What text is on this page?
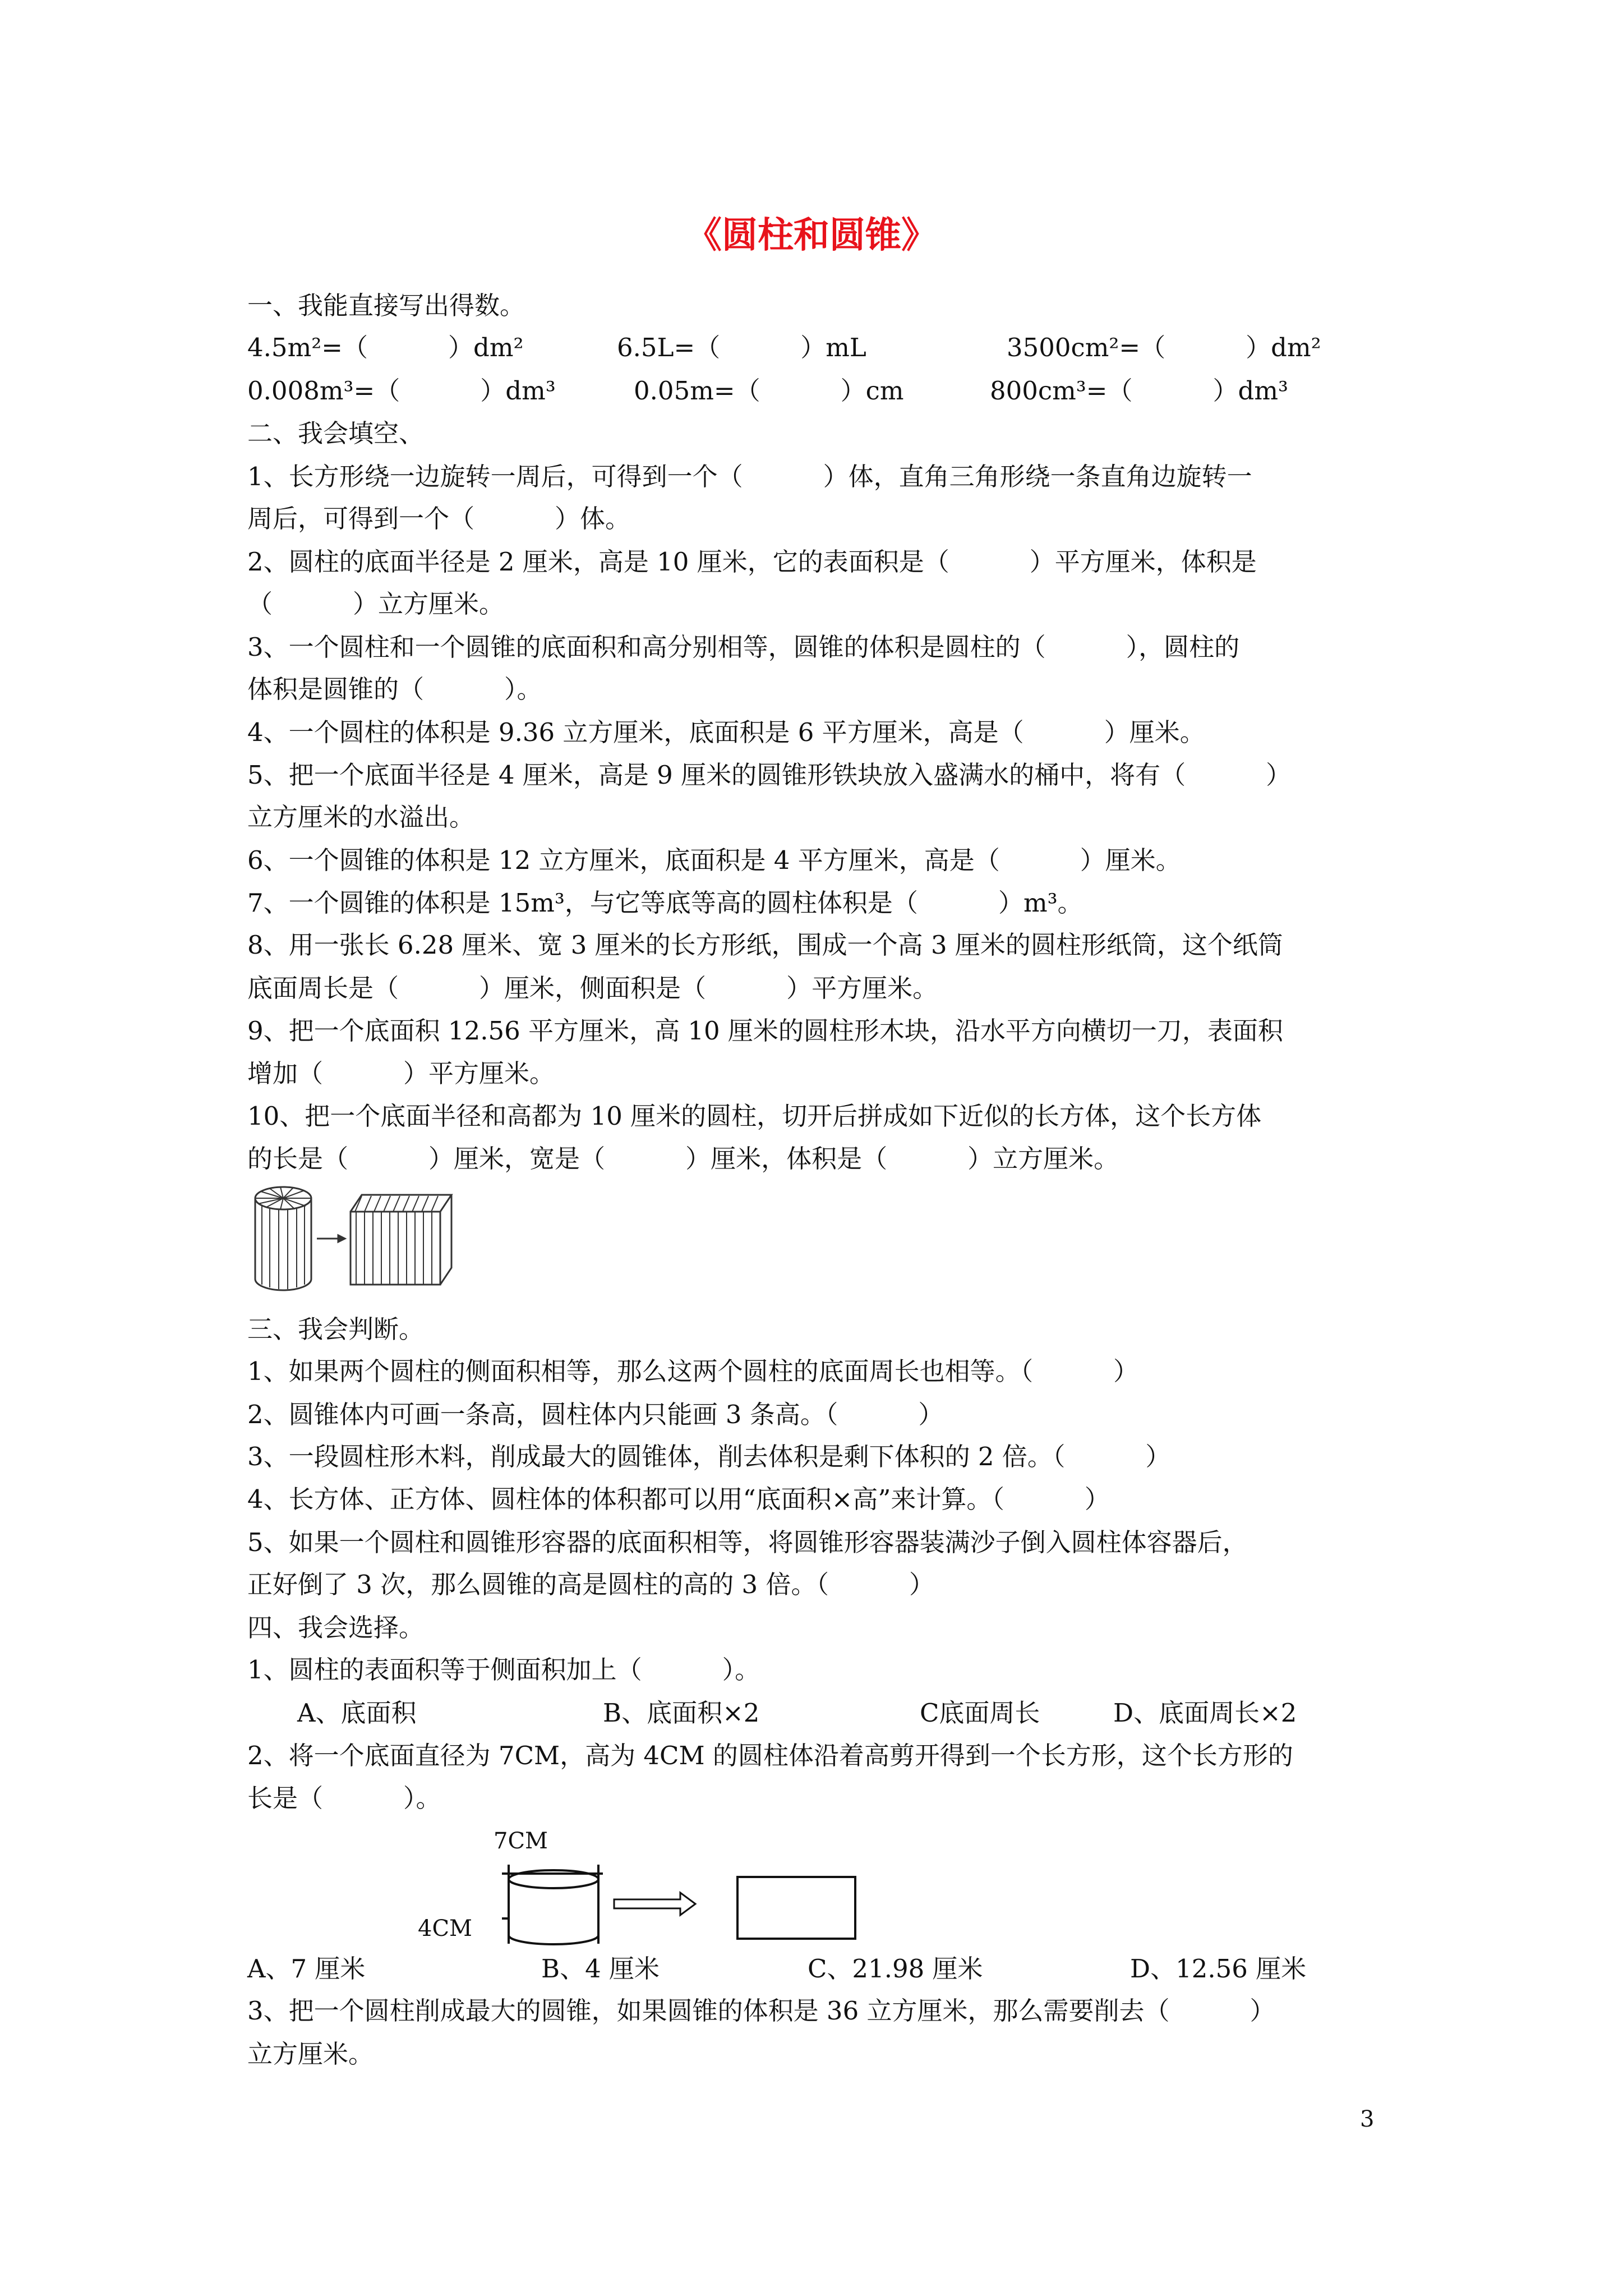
《圆柱和圆锥》
一、我能直接写出得数。
4.5m²=（          ）dm²	6.5L=（          ）mL	3500cm²=（          ）dm²
0.008m³=（          ）dm³	0.05m=（          ）cm	800cm³=（          ）dm³
二、我会填空、
1、长方形绕一边旋转一周后，可得到一个（          ）体，直角三角形绕一条直角边旋转一
周后，可得到一个（          ）体。
2、圆柱的底面半径是 2 厘米，高是 10 厘米，它的表面积是（          ）平方厘米，体积是
（          ）立方厘米。
3、一个圆柱和一个圆锥的底面积和高分别相等，圆锥的体积是圆柱的（          ），圆柱的
体积是圆锥的（          ）。
4、一个圆柱的体积是 9.36 立方厘米，底面积是 6 平方厘米，高是（          ）厘米。
5、把一个底面半径是 4 厘米，高是 9 厘米的圆锥形铁块放入盛满水的桶中，将有（          ）
立方厘米的水溢出。
6、一个圆锥的体积是 12 立方厘米，底面积是 4 平方厘米，高是（          ）厘米。
7、一个圆锥的体积是 15m³，与它等底等高的圆柱体积是（          ）m³。
8、用一张长 6.28 厘米、宽 3 厘米的长方形纸，围成一个高 3 厘米的圆柱形纸筒，这个纸筒
底面周长是（          ）厘米，侧面积是（          ）平方厘米。
9、把一个底面积 12.56 平方厘米，高 10 厘米的圆柱形木块，沿水平方向横切一刀，表面积
增加（          ）平方厘米。
10、把一个底面半径和高都为 10 厘米的圆柱，切开后拼成如下近似的长方体，这个长方体
的长是（          ）厘米，宽是（          ）厘米，体积是（          ）立方厘米。
三、我会判断。
1、如果两个圆柱的侧面积相等，那么这两个圆柱的底面周长也相等。（          ）
2、圆锥体内可画一条高，圆柱体内只能画 3 条高。（          ）
3、一段圆柱形木料，削成最大的圆锥体，削去体积是剩下体积的 2 倍。（          ）
4、长方体、正方体、圆柱体的体积都可以用“底面积×高”来计算。（          ）
5、如果一个圆柱和圆锥形容器的底面积相等，将圆锥形容器装满沙子倒入圆柱体容器后，
正好倒了 3 次，那么圆锥的高是圆柱的高的 3 倍。（          ）
四、我会选择。
1、圆柱的表面积等于侧面积加上（          ）。
A、底面积	B、底面积×2	C底面周长	D、底面周长×2
2、将一个底面直径为 7CM，高为 4CM 的圆柱体沿着高剪开得到一个长方形，这个长方形的
长是（          ）。
7CM
4CM
A、7 厘米	B、4 厘米	C、21.98 厘米	D、12.56 厘米
3、把一个圆柱削成最大的圆锥，如果圆锥的体积是 36 立方厘米，那么需要削去（          ）
立方厘米。
3
